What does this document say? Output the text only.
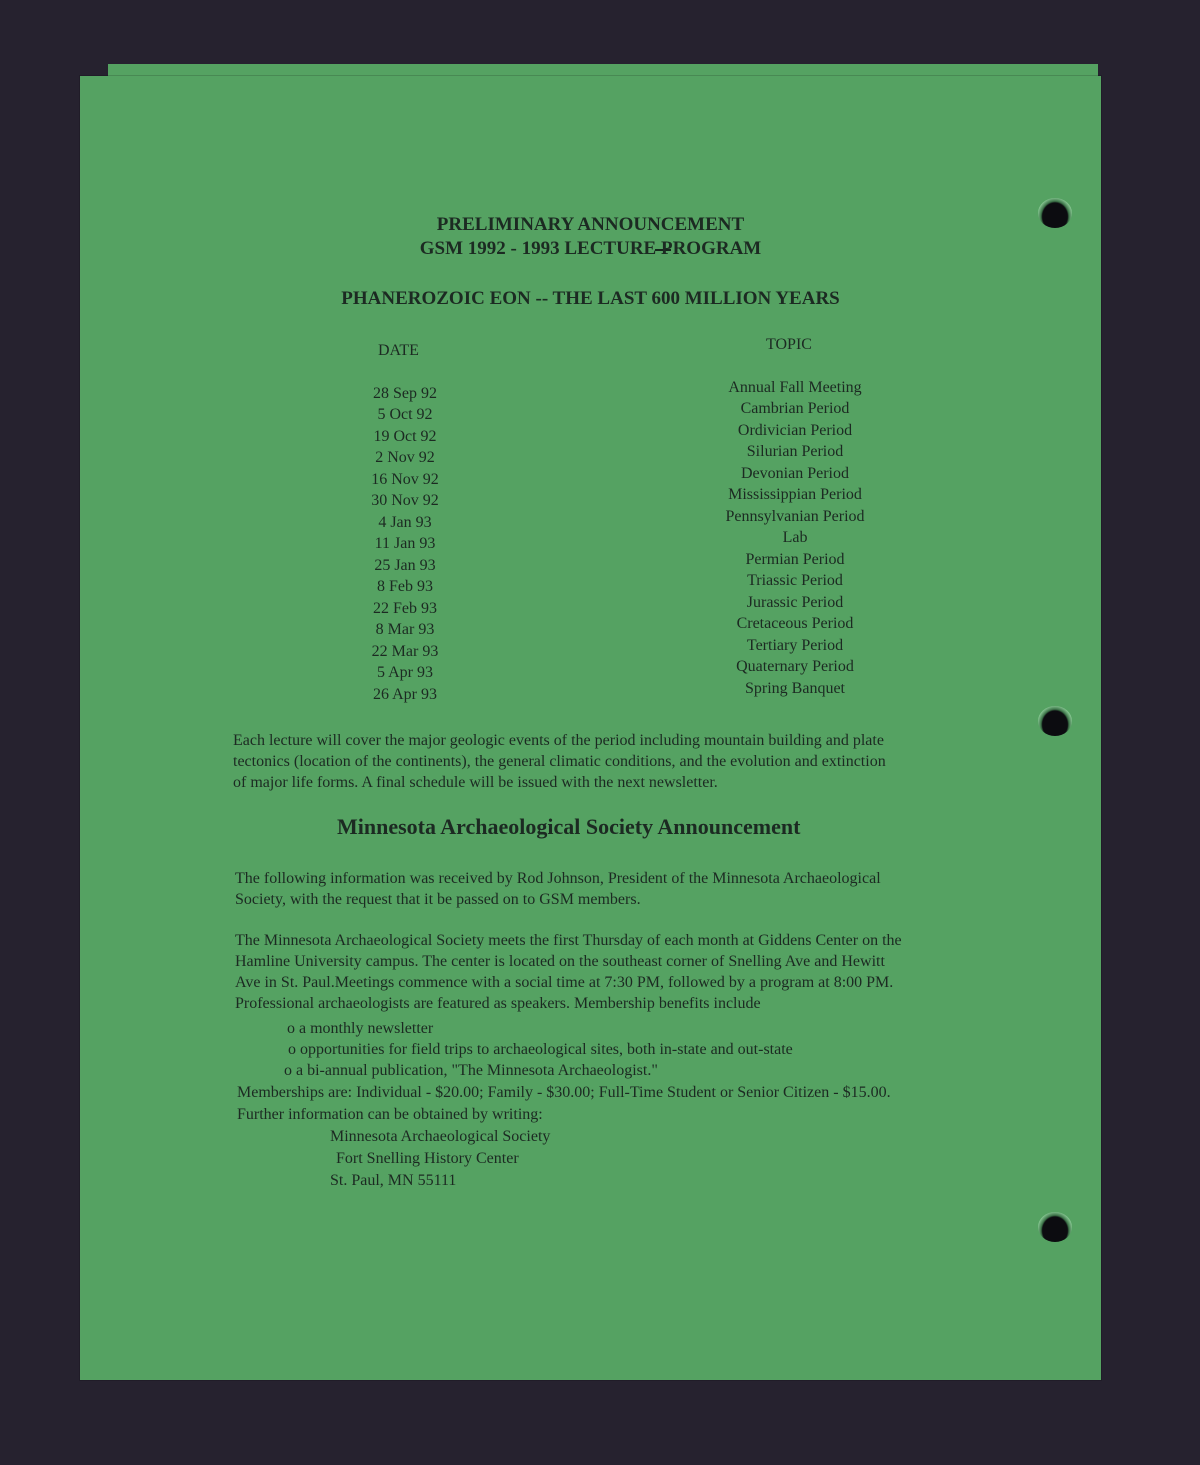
PRELIMINARY ANNOUNCEMENT
GSM 1992 - 1993 LECTURE PROGRAM
PHANEROZOIC EON -- THE LAST 600 MILLION YEARS
DATE	TOPIC
28 Sep 92	Annual Fall Meeting
5 Oct 92	Cambrian Period
19 Oct 92	Ordivician Period
2 Nov 92	Silurian Period
16 Nov 92	Devonian Period
30 Nov 92	Mississippian Period
4 Jan 93	Pennsylvanian Period
11 Jan 93	Lab
25 Jan 93	Permian Period
8 Feb 93	Triassic Period
22 Feb 93	Jurassic Period
8 Mar 93	Cretaceous Period
22 Mar 93	Tertiary Period
5 Apr 93	Quaternary Period
26 Apr 93	Spring Banquet
Each lecture will cover the major geologic events of the period including mountain building and plate
tectonics (location of the continents), the general climatic conditions, and the evolution and extinction
of major life forms. A final schedule will be issued with the next newsletter.
Minnesota Archaeological Society Announcement
The following information was received by Rod Johnson, President of the Minnesota Archaeological
Society, with the request that it be passed on to GSM members.
The Minnesota Archaeological Society meets the first Thursday of each month at Giddens Center on the
Hamline University campus. The center is located on the southeast corner of Snelling Ave and Hewitt
Ave in St. Paul.Meetings commence with a social time at 7:30 PM, followed by a program at 8:00 PM.
Professional archaeologists are featured as speakers. Membership benefits include
o a monthly newsletter
o opportunities for field trips to archaeological sites, both in-state and out-state
o a bi-annual publication, "The Minnesota Archaeologist."
Memberships are: Individual - $20.00; Family - $30.00; Full-Time Student or Senior Citizen - $15.00.
Further information can be obtained by writing:
Minnesota Archaeological Society
Fort Snelling History Center
St. Paul, MN 55111
